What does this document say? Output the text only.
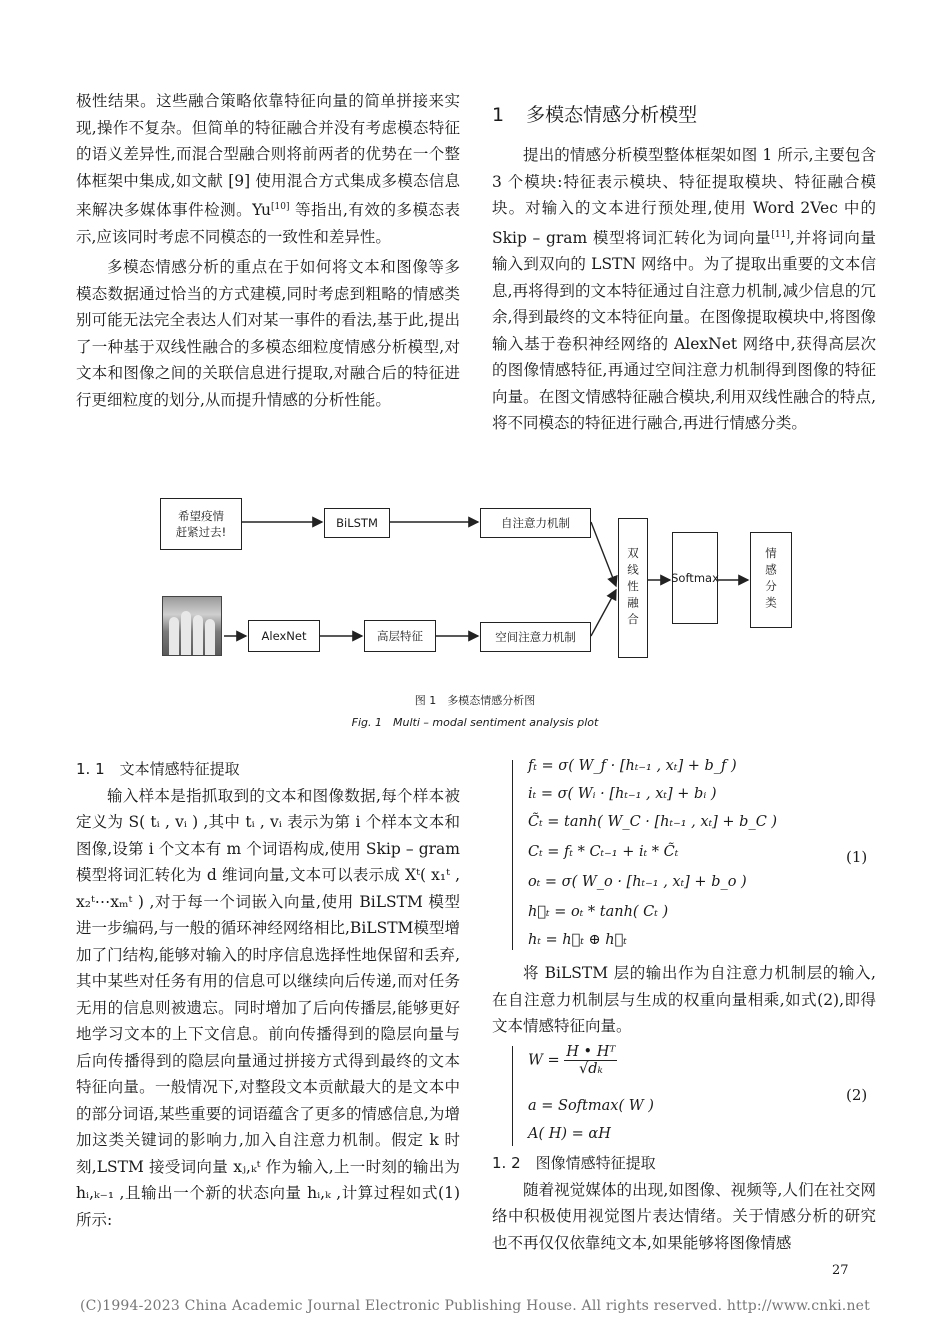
极性结果。这些融合策略依靠特征向量的简单拼接来实现,操作不复杂。但简单的特征融合并没有考虑模态特征的语义差异性,而混合型融合则将前两者的优势在一个整体框架中集成,如文献 [9] 使用混合方式集成多模态信息来解决多媒体事件检测。Yu[10] 等指出,有效的多模态表示,应该同时考虑不同模态的一致性和差异性。

多模态情感分析的重点在于如何将文本和图像等多模态数据通过恰当的方式建模,同时考虑到粗略的情感类别可能无法完全表达人们对某一事件的看法,基于此,提出了一种基于双线性融合的多模态细粒度情感分析模型,对文本和图像之间的关联信息进行提取,对融合后的特征进行更细粒度的划分,从而提升情感的分析性能。

1 多模态情感分析模型

提出的情感分析模型整体框架如图 1 所示,主要包含 3 个模块:特征表示模块、特征提取模块、特征融合模块。对输入的文本进行预处理,使用 Word 2Vec 中的 Skip – gram 模型将词汇转化为词向量[11],并将词向量输入到双向的 LSTN 网络中。为了提取出重要的文本信息,再将得到的文本特征通过自注意力机制,减少信息的冗余,得到最终的文本特征向量。在图像提取模块中,将图像输入基于卷积神经网络的 AlexNet 网络中,获得高层次的图像情感特征,再通过空间注意力机制得到图像的特征向量。在图文情感特征融合模块,利用双线性融合的特点,将不同模态的特征进行融合,再进行情感分类。

希望疫情
赶紧过去!
BiLSTM	自注意力机制
AlexNet	高层特征	空间注意力机制
双线性融合	Softmax	情感分类
图 1　多模态情感分析图
Fig. 1　Multi – modal sentiment analysis plot

1. 1　文本情感特征提取

输入样本是指抓取到的文本和图像数据,每个样本被定义为 S( tᵢ , vᵢ ) ,其中 tᵢ , vᵢ 表示为第 i 个样本文本和图像,设第 i 个文本有 m 个词语构成,使用 Skip – gram 模型将词汇转化为 d 维词向量,文本可以表示成 Xᵗ( x₁ᵗ , x₂ᵗ⋯xₘᵗ ) ,对于每一个词嵌入向量,使用 BiLSTM 模型进一步编码,与一般的循环神经网络相比,BiLSTM模型增加了门结构,能够对输入的时序信息选择性地保留和丢弃,其中某些对任务有用的信息可以继续向后传递,而对任务无用的信息则被遗忘。同时增加了后向传播层,能够更好地学习文本的上下文信息。前向传播得到的隐层向量与后向传播得到的隐层向量通过拼接方式得到最终的文本特征向量。一般情况下,对整段文本贡献最大的是文本中的部分词语,某些重要的词语蕴含了更多的情感信息,为增加这类关键词的影响力,加入自注意力机制。假定 k 时刻,LSTM 接受词向量 xⱼ,ₖᵗ 作为输入,上一时刻的输出为 hᵢ,ₖ₋₁ ,且输出一个新的状态向量 hᵢ,ₖ ,计算过程如式(1)所示:

fₜ = σ( W_f · [hₜ₋₁ , xₜ] + b_f )
iₜ = σ( Wᵢ · [hₜ₋₁ , xₜ] + bᵢ )
C̃ₜ = tanh( W_C · [hₜ₋₁ , xₜ] + b_C )
Cₜ = fₜ * Cₜ₋₁ + iₜ * C̃ₜ
oₜ = σ( W_o · [hₜ₋₁ , xₜ] + b_o )
h⃗ₜ = oₜ * tanh( Cₜ )
hₜ = h⃗ₜ ⊕ h⃖ₜ
(1)

将 BiLSTM 层的输出作为自注意力机制层的输入,在自注意力机制层与生成的权重向量相乘,如式(2),即得文本情感特征向量。

$W = \frac{\text{H • Hᵀ}}{\text{√dₖ}}$
a = Softmax( W )
A( H) = αH
(2)

1. 2　图像情感特征提取

随着视觉媒体的出现,如图像、视频等,人们在社交网络中积极使用视觉图片表达情绪。关于情感分析的研究也不再仅仅依靠纯文本,如果能够将图像情感

27
(C)1994-2023 China Academic Journal Electronic Publishing House. All rights reserved. http://www.cnki.net
